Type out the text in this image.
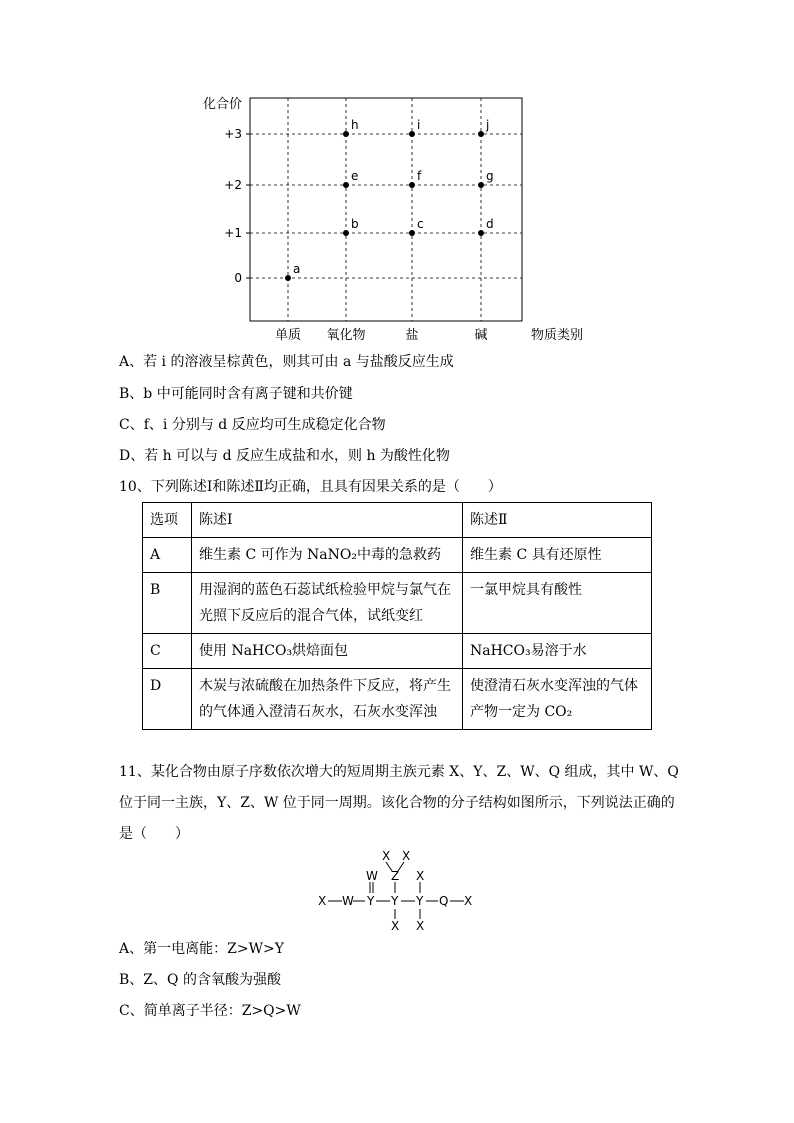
化合价
物质类别
+3
+2
+1
0
单质 氧化物	盐	碱
a
b	c	d
e	f	g
h	i	j
A、若 i 的溶液呈棕黄色，则其可由 a 与盐酸反应生成
B、b 中可能同时含有离子键和共价键
C、f、i 分别与 d 反应均可生成稳定化合物
D、若 h 可以与 d 反应生成盐和水，则 h 为酸性化物
10、下列陈述Ⅰ和陈述Ⅱ均正确，且具有因果关系的是（　　）
选项	陈述Ⅰ	陈述Ⅱ
A	维生素 C 可作为 NaNO₂中毒的急救药	维生素 C 具有还原性
B	用湿润的蓝色石蕊试纸检验甲烷与氯气在光照下反应后的混合气体，试纸变红	一氯甲烷具有酸性
C	使用 NaHCO₃烘焙面包	NaHCO₃易溶于水
D	木炭与浓硫酸在加热条件下反应，将产生的气体通入澄清石灰水，石灰水变浑浊	使澄清石灰水变浑浊的气体产物一定为 CO₂
11、某化合物由原子序数依次增大的短周期主族元素 X、Y、Z、W、Q 组成，其中 W、Q
位于同一主族，Y、Z、W 位于同一周期。该化合物的分子结构如图所示，下列说法正确的
是（　　）
X X
W Z X
X W Y Y Y Q X
X X
A、第一电离能：Z>W>Y
B、Z、Q 的含氧酸为强酸
C、简单离子半径：Z>Q>W
